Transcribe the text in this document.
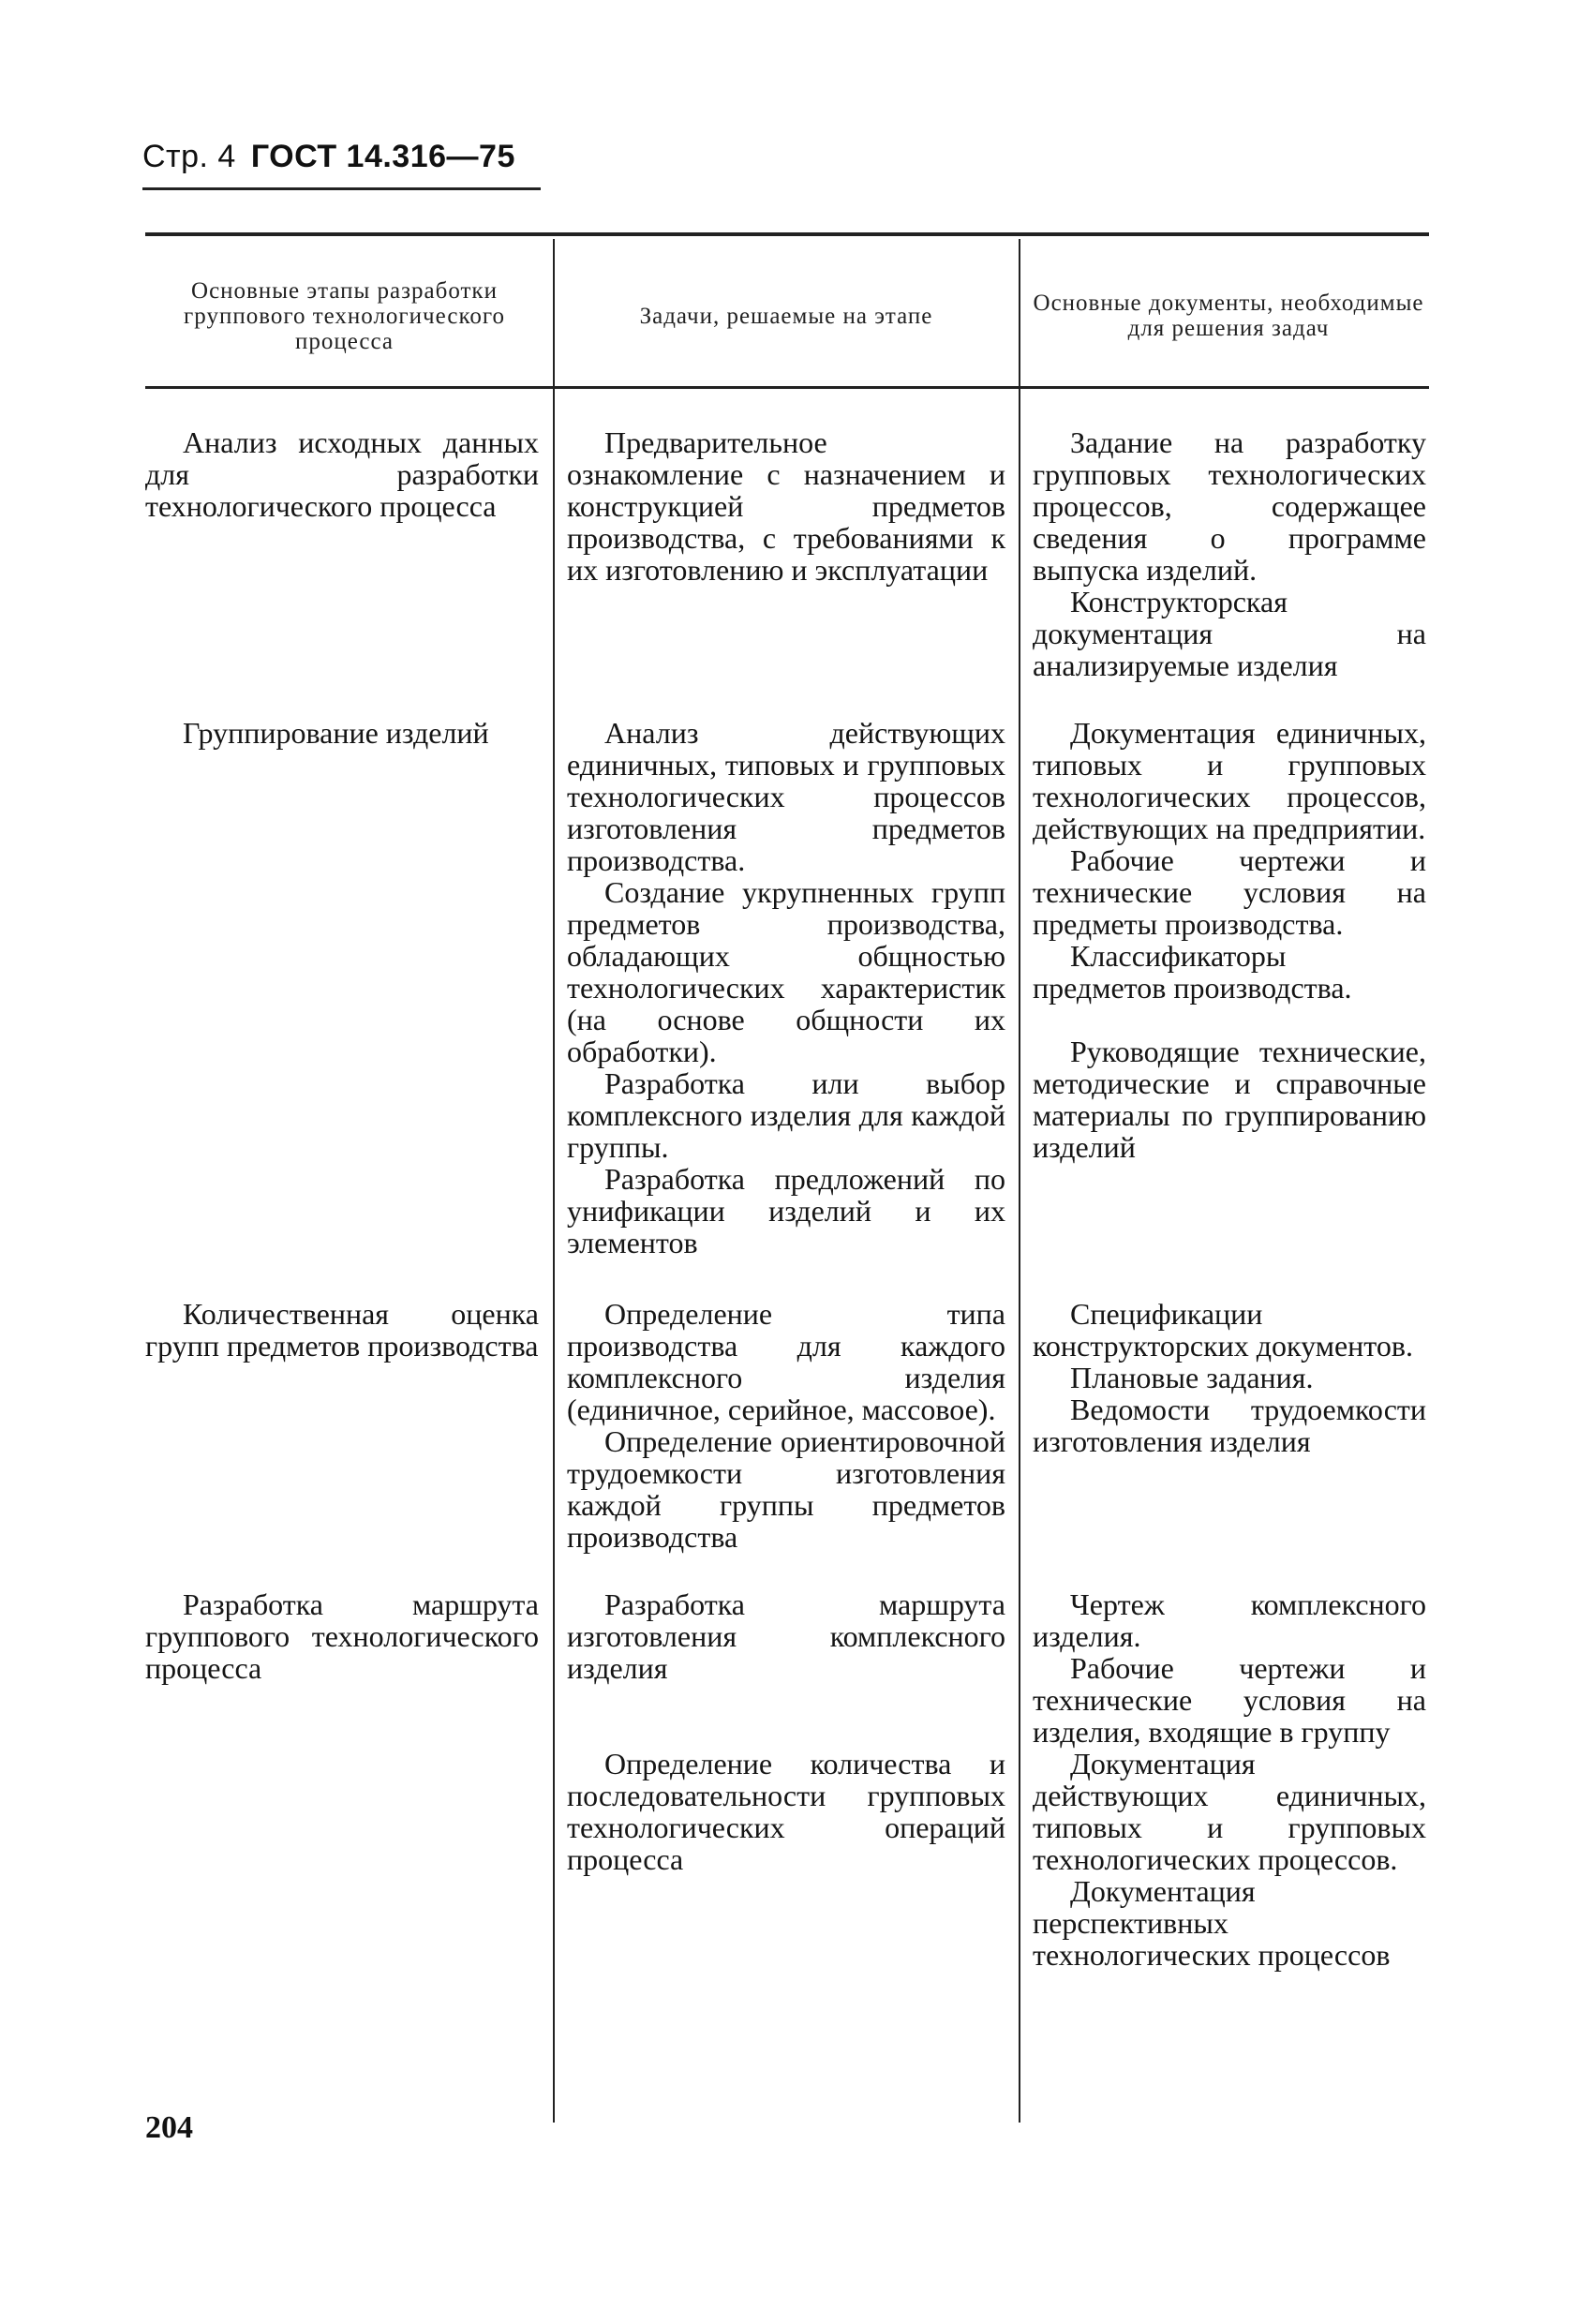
Стр. 4 ГОСТ 14.316—75
Основные этапы разработки группового технологического процесса
Задачи, решаемые на этапе	Основные документы, необходимые для решения задач

Анализ исходных данных для разработки технологического процесса

Предварительное ознакомление с назначением и конструкцией предметов производства, с требованиями к их изготовлению и эксплуатации

Задание на разработку групповых технологических процессов, содержащее сведения о программе выпуска изделий.

Конструкторская документация на анализируемые изделия

Группирование изделий	Анализ действующих единичных, типовых и групповых технологических процессов изготовления предметов производства.

Создание укрупненных групп предметов производства, обладающих общностью технологических характеристик (на основе общности их обработки).

Разработка или выбор комплексного изделия для каждой группы.

Разработка предложений по унификации изделий и их элементов

Документация единичных, типовых и групповых технологических процессов, действующих на предприятии.

Рабочие чертежи и технические условия на предметы производства.

Классификаторы предметов производства.

Руководящие технические, методические и справочные материалы по группированию изделий

Количественная оценка групп предметов производства

Определение типа производства для каждого комплексного изделия (единичное, серийное, массовое).

Определение ориентировочной трудоемкости изготовления каждой группы предметов производства

Спецификации конструкторских документов.

Плановые задания.

Ведомости трудоемкости изготовления изделия

Разработка маршрута группового технологического процесса

Разработка маршрута изготовления комплексного изделия

Определение количества и последовательности групповых технологических операций процесса

Чертеж комплексного изделия.

Рабочие чертежи и технические условия на изделия, входящие в группу

Документация действующих единичных, типовых и групповых технологических процессов.

Документация перспективных технологических процессов

204
